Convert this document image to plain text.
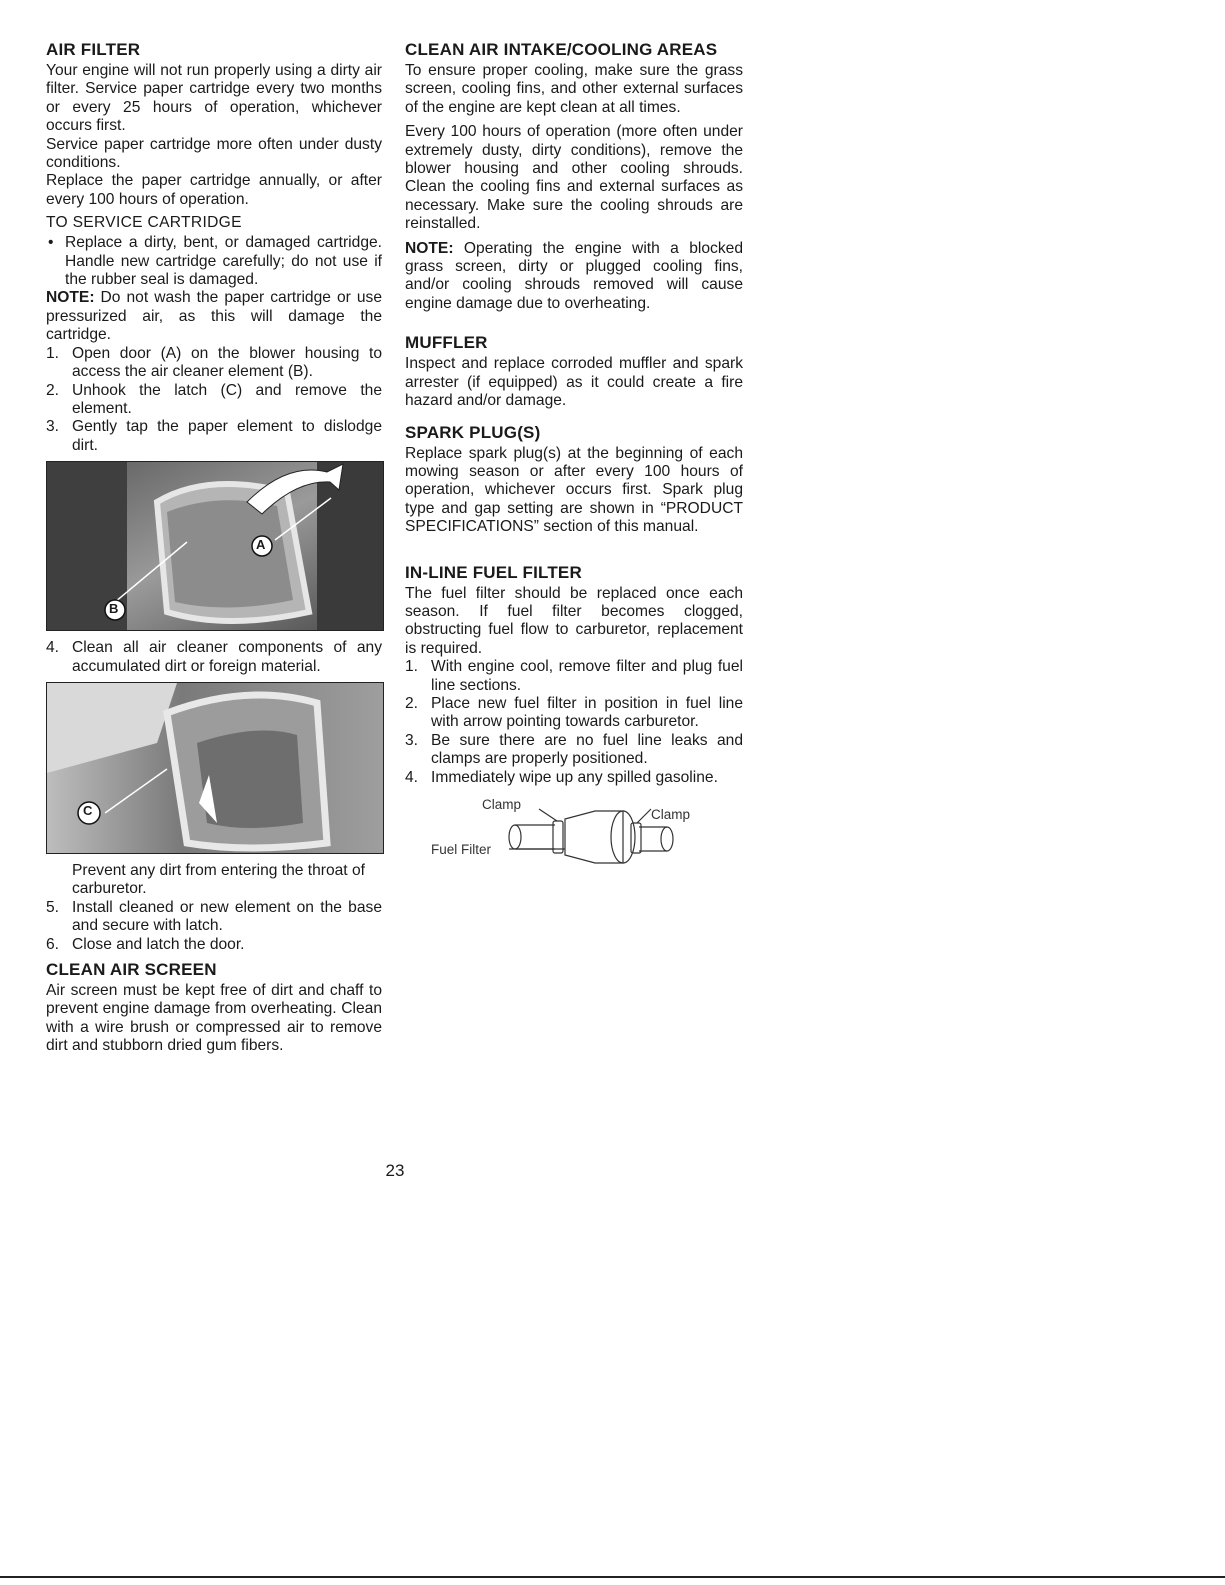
AIR FILTER

Your engine will not run properly using a dirty air filter. Service paper cartridge every two months or every 25 hours of operation, whichever occurs first.

Service paper cartridge more often under dusty conditions.

Replace the paper cartridge annually, or after every 100 hours of operation.

TO SERVICE CARTRIDGE
• Replace a dirty, bent, or damaged cartridge. Handle new cartridge carefully; do not use if the rubber seal is damaged.

NOTE: Do not wash the paper cartridge or use pressurized air, as this will damage the cartridge.

1. Open door (A) on the blower housing to access the air cleaner element (B).
2. Unhook the latch (C) and remove the element.
3. Gently tap the paper element to dislodge dirt.
A
B
4. Clean all air cleaner components of any accumulated dirt or foreign material.
C
Prevent any dirt from entering the throat of carburetor.
5. Install cleaned or new element on the base and secure with latch.
6. Close and latch the door.
CLEAN AIR SCREEN

Air screen must be kept free of dirt and chaff to prevent engine damage from overheating. Clean with a wire brush or compressed air to remove dirt and stubborn dried gum fibers.

CLEAN AIR INTAKE/COOLING AREAS

To ensure proper cooling, make sure the grass screen, cooling fins, and other external surfaces of the engine are kept clean at all times.

Every 100 hours of operation (more often under extremely dusty, dirty conditions), remove the blower housing and other cooling shrouds. Clean the cooling fins and external surfaces as necessary. Make sure the cooling shrouds are reinstalled.

NOTE: Operating the engine with a blocked grass screen, dirty or plugged cooling fins, and/or cooling shrouds removed will cause engine damage due to overheating.

MUFFLER

Inspect and replace corroded muffler and spark arrester (if equipped) as it could create a fire hazard and/or damage.

SPARK PLUG(S)

Replace spark plug(s) at the beginning of each mowing season or after every 100 hours of operation, whichever occurs first. Spark plug type and gap setting are shown in “PRODUCT SPECIFICATIONS” section of this manual.

IN-LINE FUEL FILTER

The fuel filter should be replaced once each season. If fuel filter becomes clogged, obstructing fuel flow to carburetor, replacement is required.

1. With engine cool, remove filter and plug fuel line sections.
2. Place new fuel filter in position in fuel line with arrow pointing towards carburetor.
3. Be sure there are no fuel line leaks and clamps are properly positioned.
4. Immediately wipe up any spilled gasoline.
Clamp
Clamp
Fuel Filter
23
